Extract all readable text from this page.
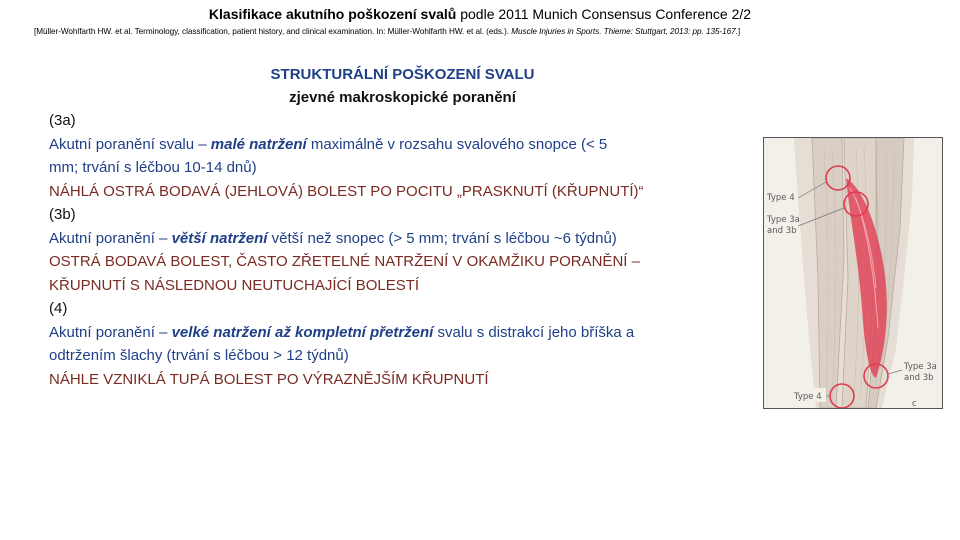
Klasifikace akutního poškození svalů podle 2011 Munich Consensus Conference 2/2
[Müller-Wohlfarth HW. et al. Terminology, classification, patient history, and clinical examination. In: Müller-Wohlfarth HW. et al. (eds.). Muscle Injuries in Sports. Thieme: Stuttgart, 2013: pp. 135-167.]
STRUKTURÁLNÍ POŠKOZENÍ SVALU
zjevné makroskopické poranění
(3a)
Akutní poranění svalu – malé natržení maximálně v rozsahu svalového snopce (< 5
mm; trvání s léčbou 10-14 dnů)
NÁHLÁ OSTRÁ BODAVÁ (JEHLOVÁ) BOLEST PO POCITU „PRASKNUTÍ (KŘUPNUTÍ)“
(3b)
Akutní poranění – větší natržení větší než snopec (> 5 mm; trvání s léčbou ~6 týdnů)
OSTRÁ BODAVÁ BOLEST, ČASTO ZŘETELNÉ NATRŽENÍ V OKAMŽIKU PORANĚNÍ –
KŘUPNUTÍ S NÁSLEDNOU NEUTUCHAJÍCÍ BOLESTÍ
(4)
Akutní poranění – velké natržení až kompletní přetržení svalu s distrakcí jeho bříška a
odtržením šlachy (trvání s léčbou > 12 týdnů)
NÁHLE VZNIKLÁ TUPÁ BOLEST PO VÝRAZNĚJŠÍM KŘUPNUTÍ
Type 4
Type 3a
and 3b
Type 3a
and 3b
Type 4
c
